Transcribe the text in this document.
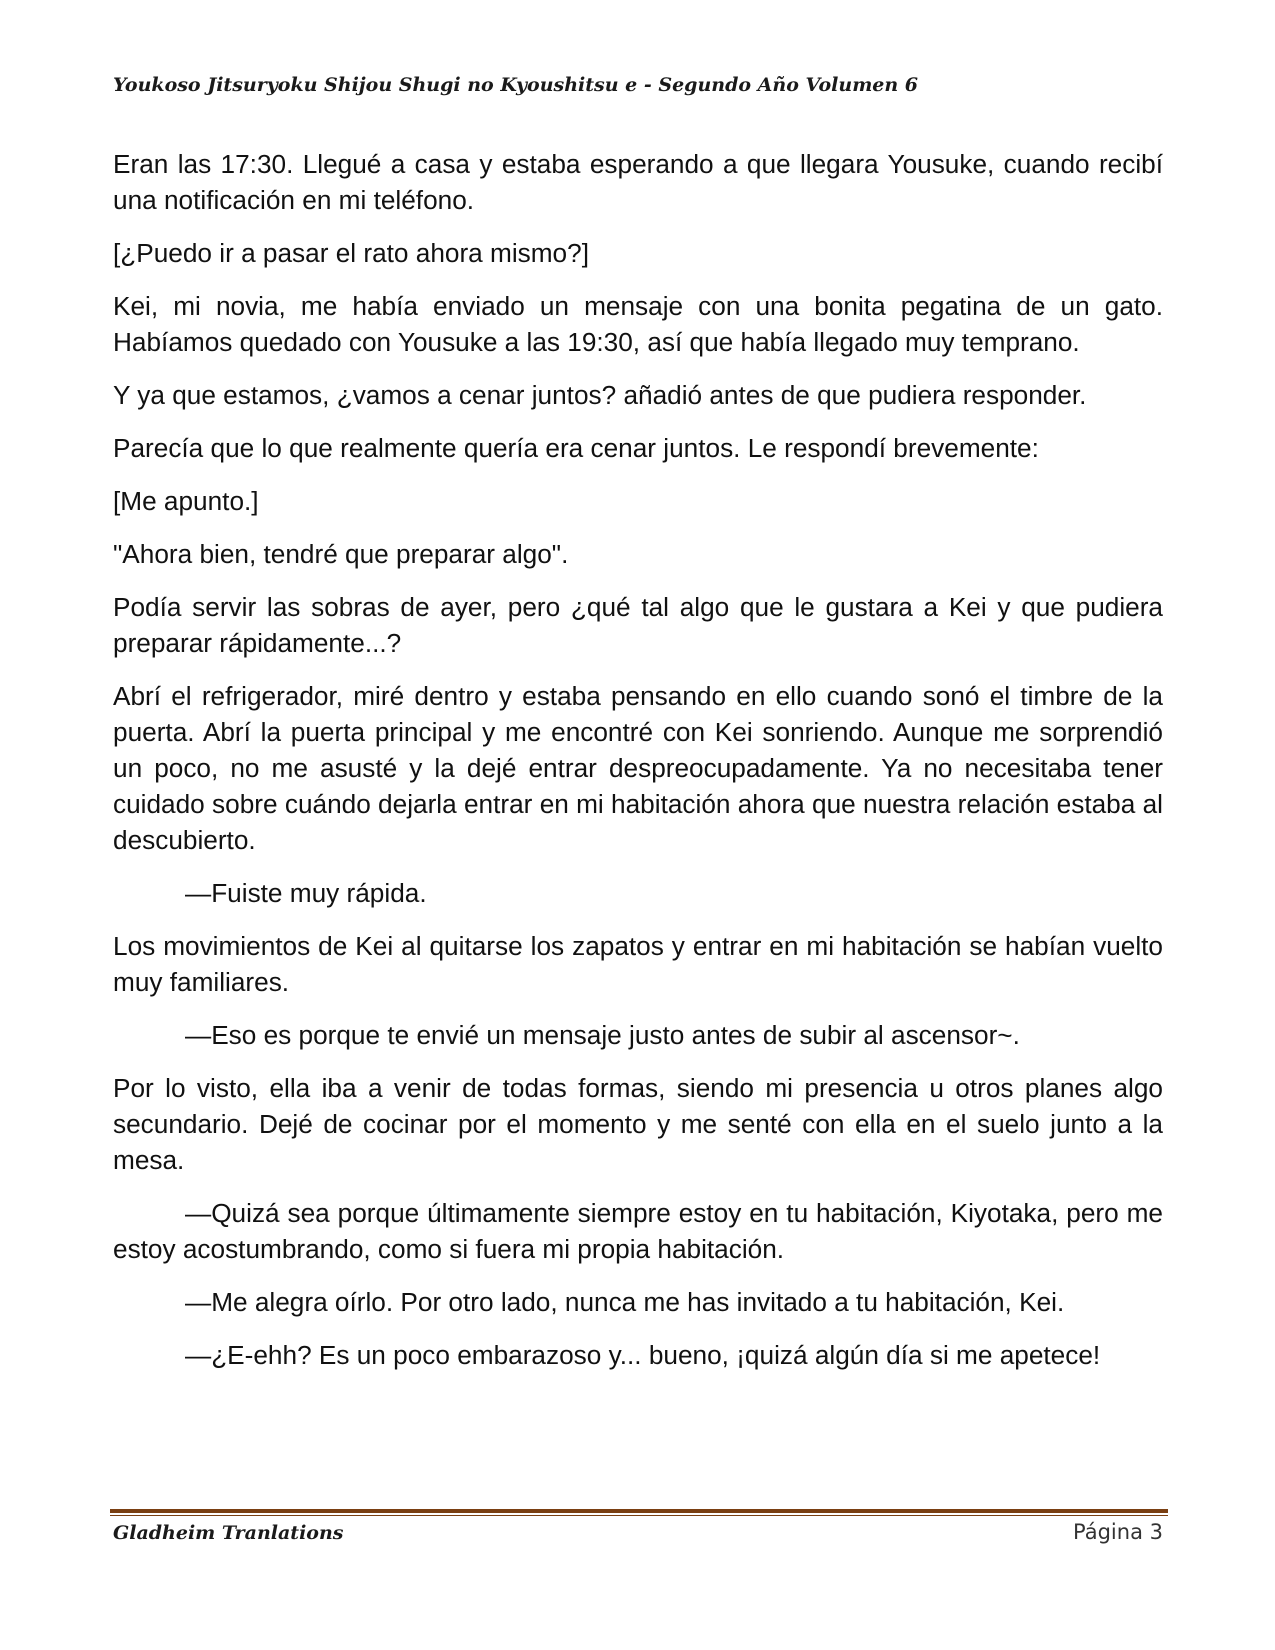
Youkoso Jitsuryoku Shijou Shugi no Kyoushitsu e - Segundo Año Volumen 6

Eran las 17:30. Llegué a casa y estaba esperando a que llegara Yousuke, cuando recibí una notificación en mi teléfono.

[¿Puedo ir a pasar el rato ahora mismo?]

Kei, mi novia, me había enviado un mensaje con una bonita pegatina de un gato. Habíamos quedado con Yousuke a las 19:30, así que había llegado muy temprano.

Y ya que estamos, ¿vamos a cenar juntos? añadió antes de que pudiera responder.

Parecía que lo que realmente quería era cenar juntos. Le respondí brevemente:

[Me apunto.]

"Ahora bien, tendré que preparar algo".

Podía servir las sobras de ayer, pero ¿qué tal algo que le gustara a Kei y que pudiera preparar rápidamente...?

Abrí el refrigerador, miré dentro y estaba pensando en ello cuando sonó el timbre de la puerta. Abrí la puerta principal y me encontré con Kei sonriendo. Aunque me sorprendió un poco, no me asusté y la dejé entrar despreocupadamente. Ya no necesitaba tener cuidado sobre cuándo dejarla entrar en mi habitación ahora que nuestra relación estaba al descubierto.

—Fuiste muy rápida.

Los movimientos de Kei al quitarse los zapatos y entrar en mi habitación se habían vuelto muy familiares.

—Eso es porque te envié un mensaje justo antes de subir al ascensor~.

Por lo visto, ella iba a venir de todas formas, siendo mi presencia u otros planes algo secundario. Dejé de cocinar por el momento y me senté con ella en el suelo junto a la mesa.

—Quizá sea porque últimamente siempre estoy en tu habitación, Kiyotaka, pero me estoy acostumbrando, como si fuera mi propia habitación.

—Me alegra oírlo. Por otro lado, nunca me has invitado a tu habitación, Kei.

—¿E-ehh? Es un poco embarazoso y... bueno, ¡quizá algún día si me apetece!

Gladheim Tranlations	Página 3
